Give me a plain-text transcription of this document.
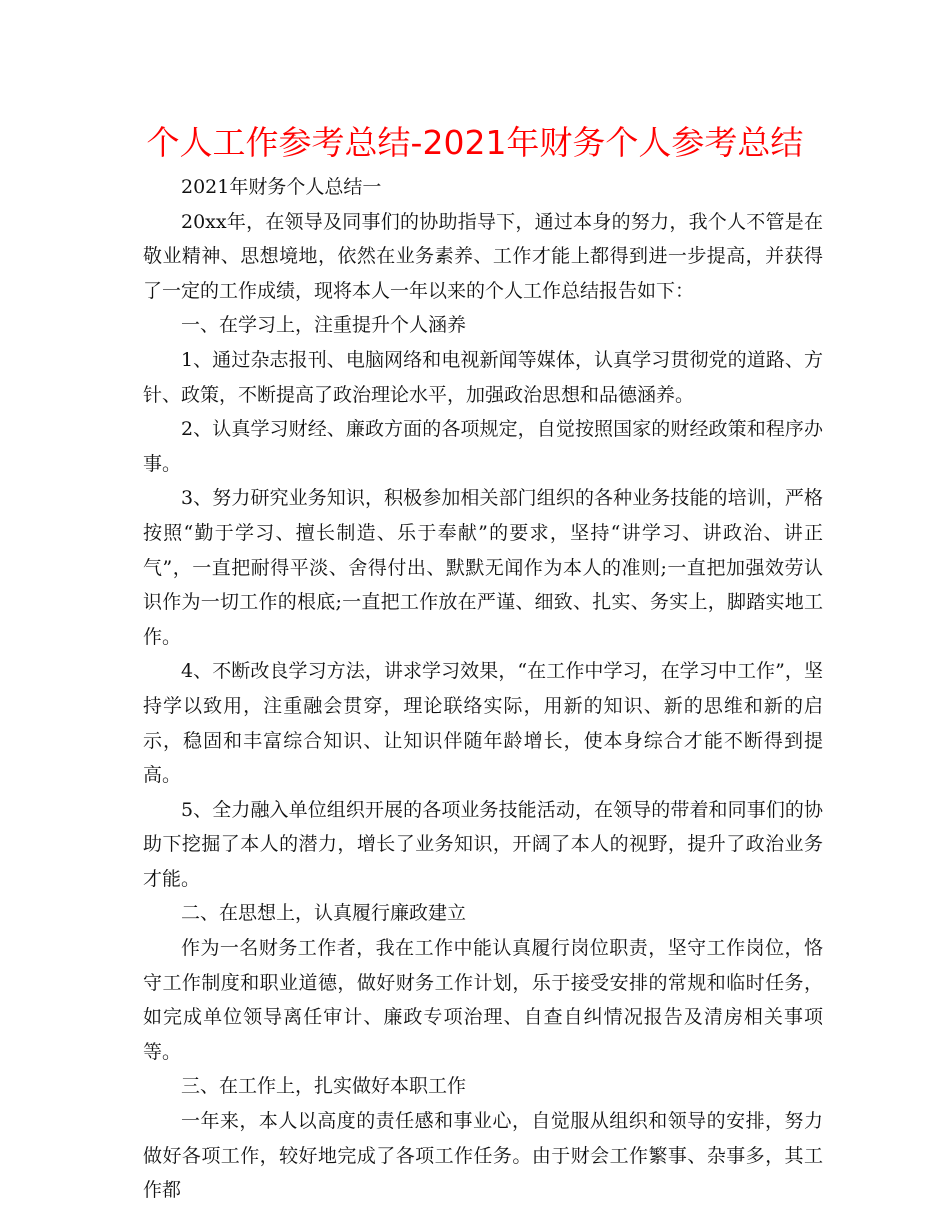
个人工作参考总结-2021年财务个人参考总结

2021年财务个人总结一

20xx年，在领导及同事们的协助指导下，通过本身的努力，我个人不管是在敬业精神、思想境地，依然在业务素养、工作才能上都得到进一步提高，并获得了一定的工作成绩，现将本人一年以来的个人工作总结报告如下：

一、在学习上，注重提升个人涵养

1、通过杂志报刊、电脑网络和电视新闻等媒体，认真学习贯彻党的道路、方针、政策，不断提高了政治理论水平，加强政治思想和品德涵养。

2、认真学习财经、廉政方面的各项规定，自觉按照国家的财经政策和程序办事。

3、努力研究业务知识，积极参加相关部门组织的各种业务技能的培训，严格按照“勤于学习、擅长制造、乐于奉献”的要求，坚持“讲学习、讲政治、讲正气”，一直把耐得平淡、舍得付出、默默无闻作为本人的准则;一直把加强效劳认识作为一切工作的根底;一直把工作放在严谨、细致、扎实、务实上，脚踏实地工作。

4、不断改良学习方法，讲求学习效果，“在工作中学习，在学习中工作”，坚持学以致用，注重融会贯穿，理论联络实际，用新的知识、新的思维和新的启示，稳固和丰富综合知识、让知识伴随年龄增长，使本身综合才能不断得到提高。

5、全力融入单位组织开展的各项业务技能活动，在领导的带着和同事们的协助下挖掘了本人的潜力，增长了业务知识，开阔了本人的视野，提升了政治业务才能。

二、在思想上，认真履行廉政建立

作为一名财务工作者，我在工作中能认真履行岗位职责，坚守工作岗位，恪守工作制度和职业道德，做好财务工作计划，乐于接受安排的常规和临时任务，如完成单位领导离任审计、廉政专项治理、自查自纠情况报告及清房相关事项等。

三、在工作上，扎实做好本职工作

一年来，本人以高度的责任感和事业心，自觉服从组织和领导的安排，努力做好各项工作，较好地完成了各项工作任务。由于财会工作繁事、杂事多，其工作都
